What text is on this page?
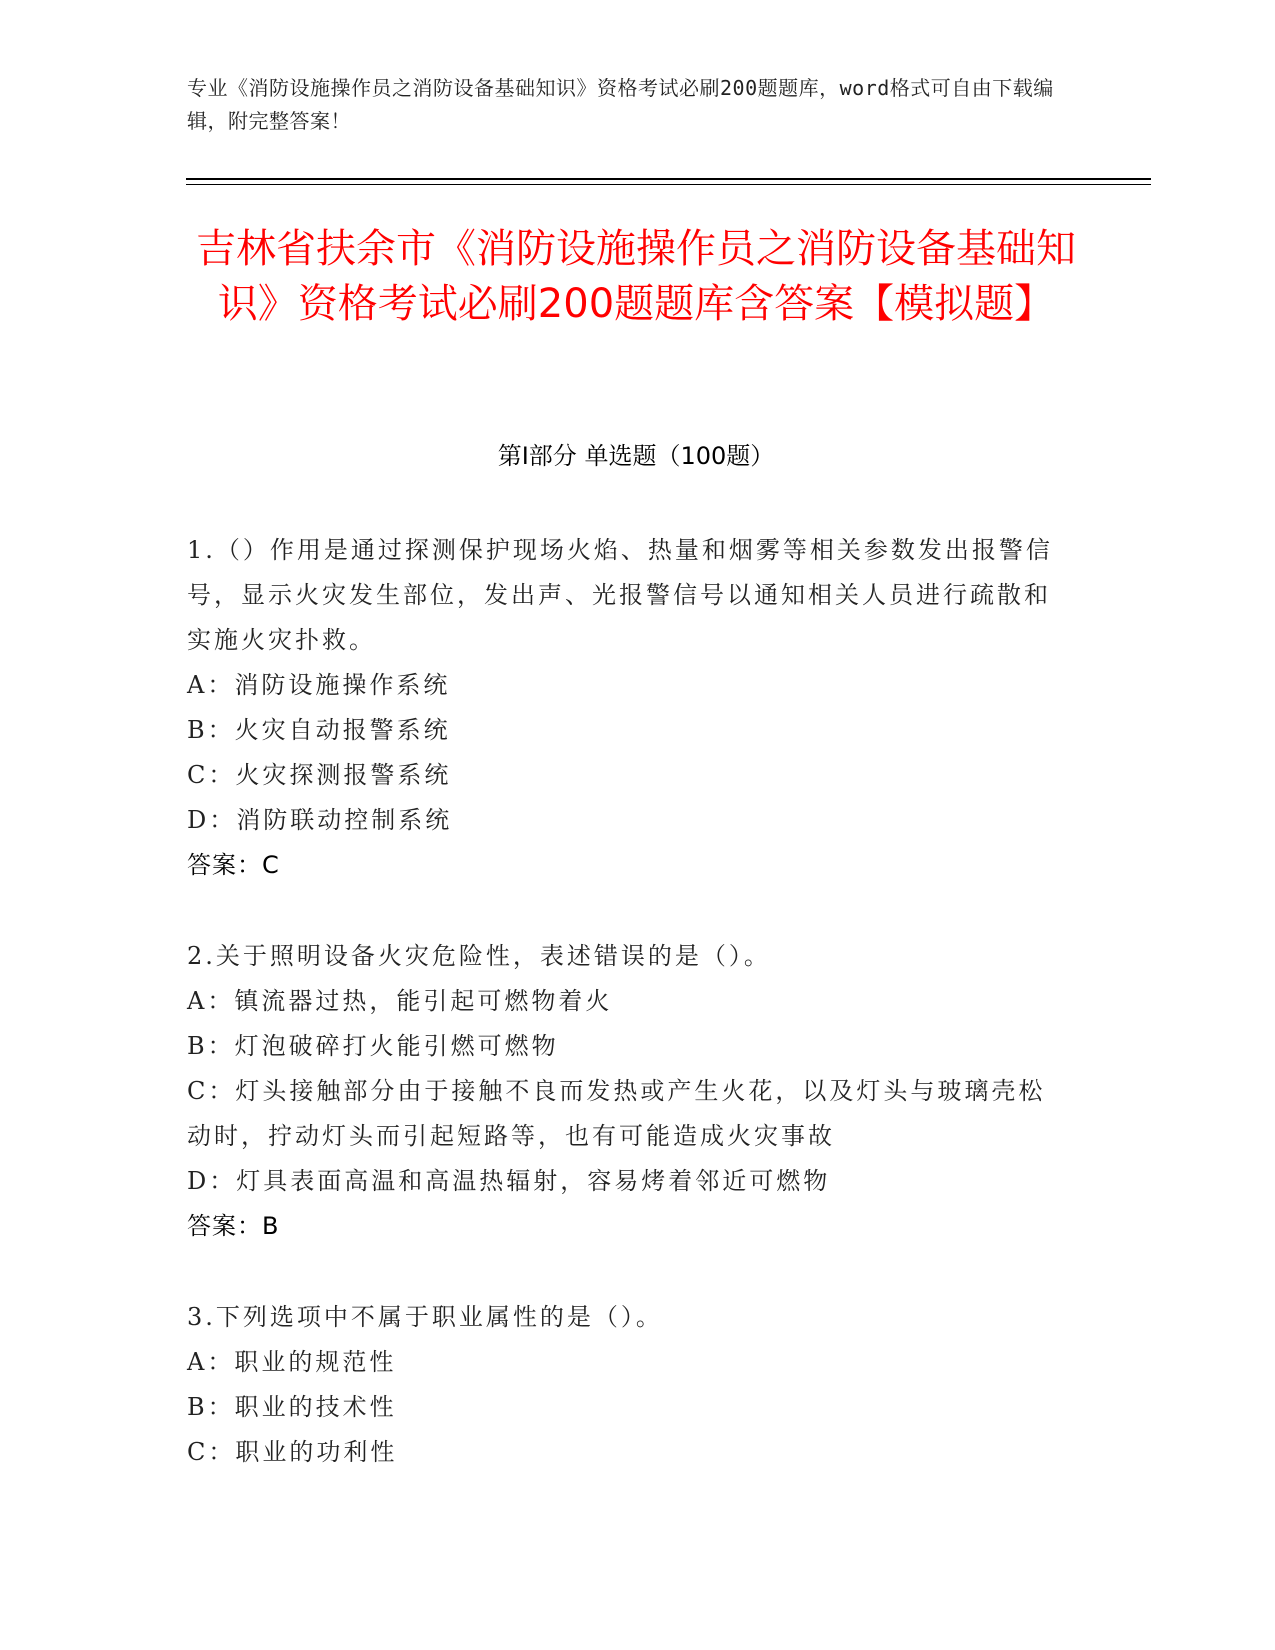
专业《消防设施操作员之消防设备基础知识》资格考试必刷200题题库，word格式可自由下载编辑，附完整答案！
吉林省扶余市《消防设施操作员之消防设备基础知识》资格考试必刷200题题库含答案【模拟题】
第I部分 单选题（100题）

1.（）作用是通过探测保护现场火焰、热量和烟雾等相关参数发出报警信号，显示火灾发生部位，发出声、光报警信号以通知相关人员进行疏散和实施火灾扑救。

A：消防设施操作系统

B：火灾自动报警系统

C：火灾探测报警系统

D：消防联动控制系统

答案：C

2.关于照明设备火灾危险性，表述错误的是（）。

A：镇流器过热，能引起可燃物着火

B：灯泡破碎打火能引燃可燃物

C：灯头接触部分由于接触不良而发热或产生火花，以及灯头与玻璃壳松动时，拧动灯头而引起短路等，也有可能造成火灾事故

D：灯具表面高温和高温热辐射，容易烤着邻近可燃物

答案：B

3.下列选项中不属于职业属性的是（）。

A：职业的规范性

B：职业的技术性

C：职业的功利性
